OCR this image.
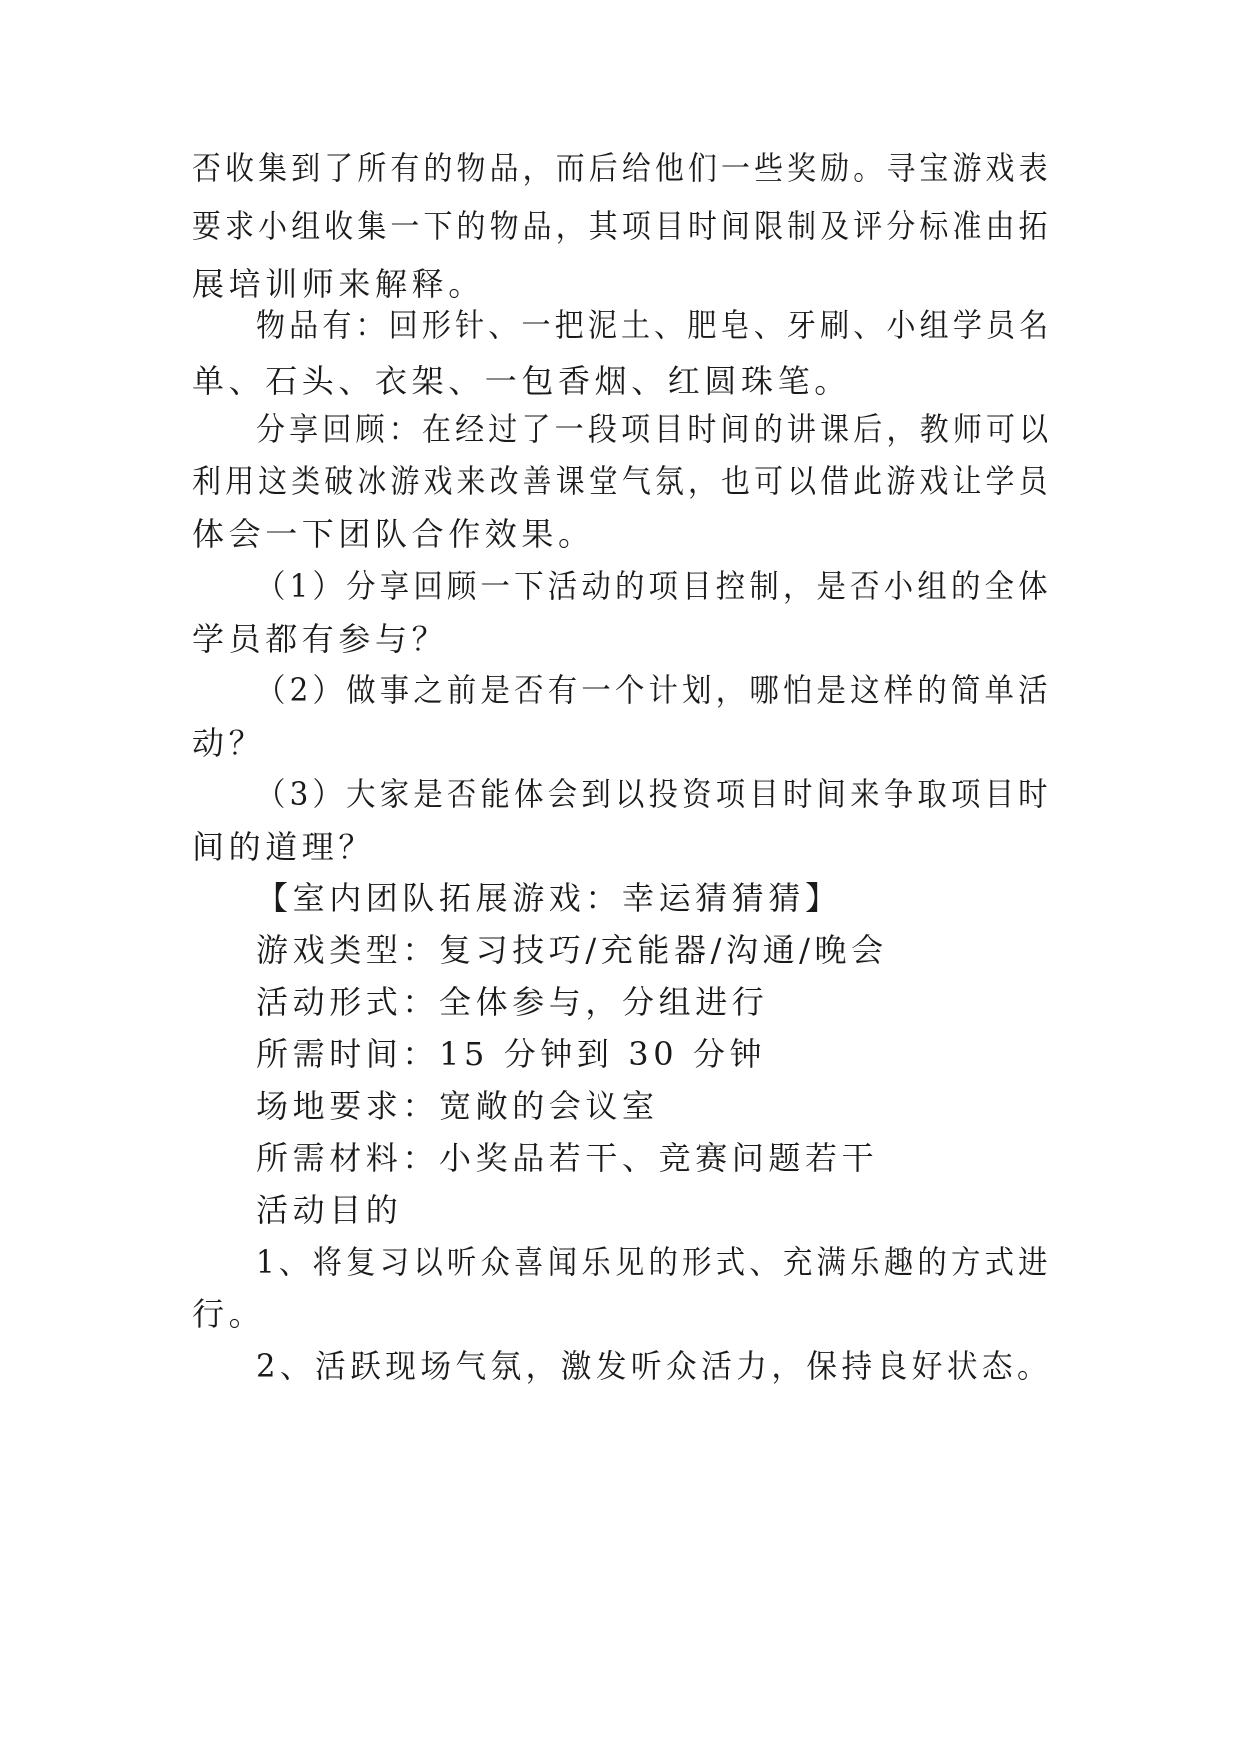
否收集到了所有的物品，而后给他们一些奖励。寻宝游戏表
要求小组收集一下的物品，其项目时间限制及评分标准由拓
展培训师来解释。
物品有：回形针、一把泥土、肥皂、牙刷、小组学员名
单、石头、衣架、一包香烟、红圆珠笔。
分享回顾：在经过了一段项目时间的讲课后，教师可以
利用这类破冰游戏来改善课堂气氛，也可以借此游戏让学员
体会一下团队合作效果。
（1）分享回顾一下活动的项目控制，是否小组的全体
学员都有参与？
（2）做事之前是否有一个计划，哪怕是这样的简单活
动？
（3）大家是否能体会到以投资项目时间来争取项目时
间的道理？
【室内团队拓展游戏：幸运猜猜猜】
游戏类型：复习技巧/充能器/沟通/晚会
活动形式：全体参与，分组进行
所需时间：15 分钟到 30 分钟
场地要求：宽敞的会议室
所需材料：小奖品若干、竞赛问题若干
活动目的
1、将复习以听众喜闻乐见的形式、充满乐趣的方式进
行。
2、活跃现场气氛，激发听众活力，保持良好状态。
